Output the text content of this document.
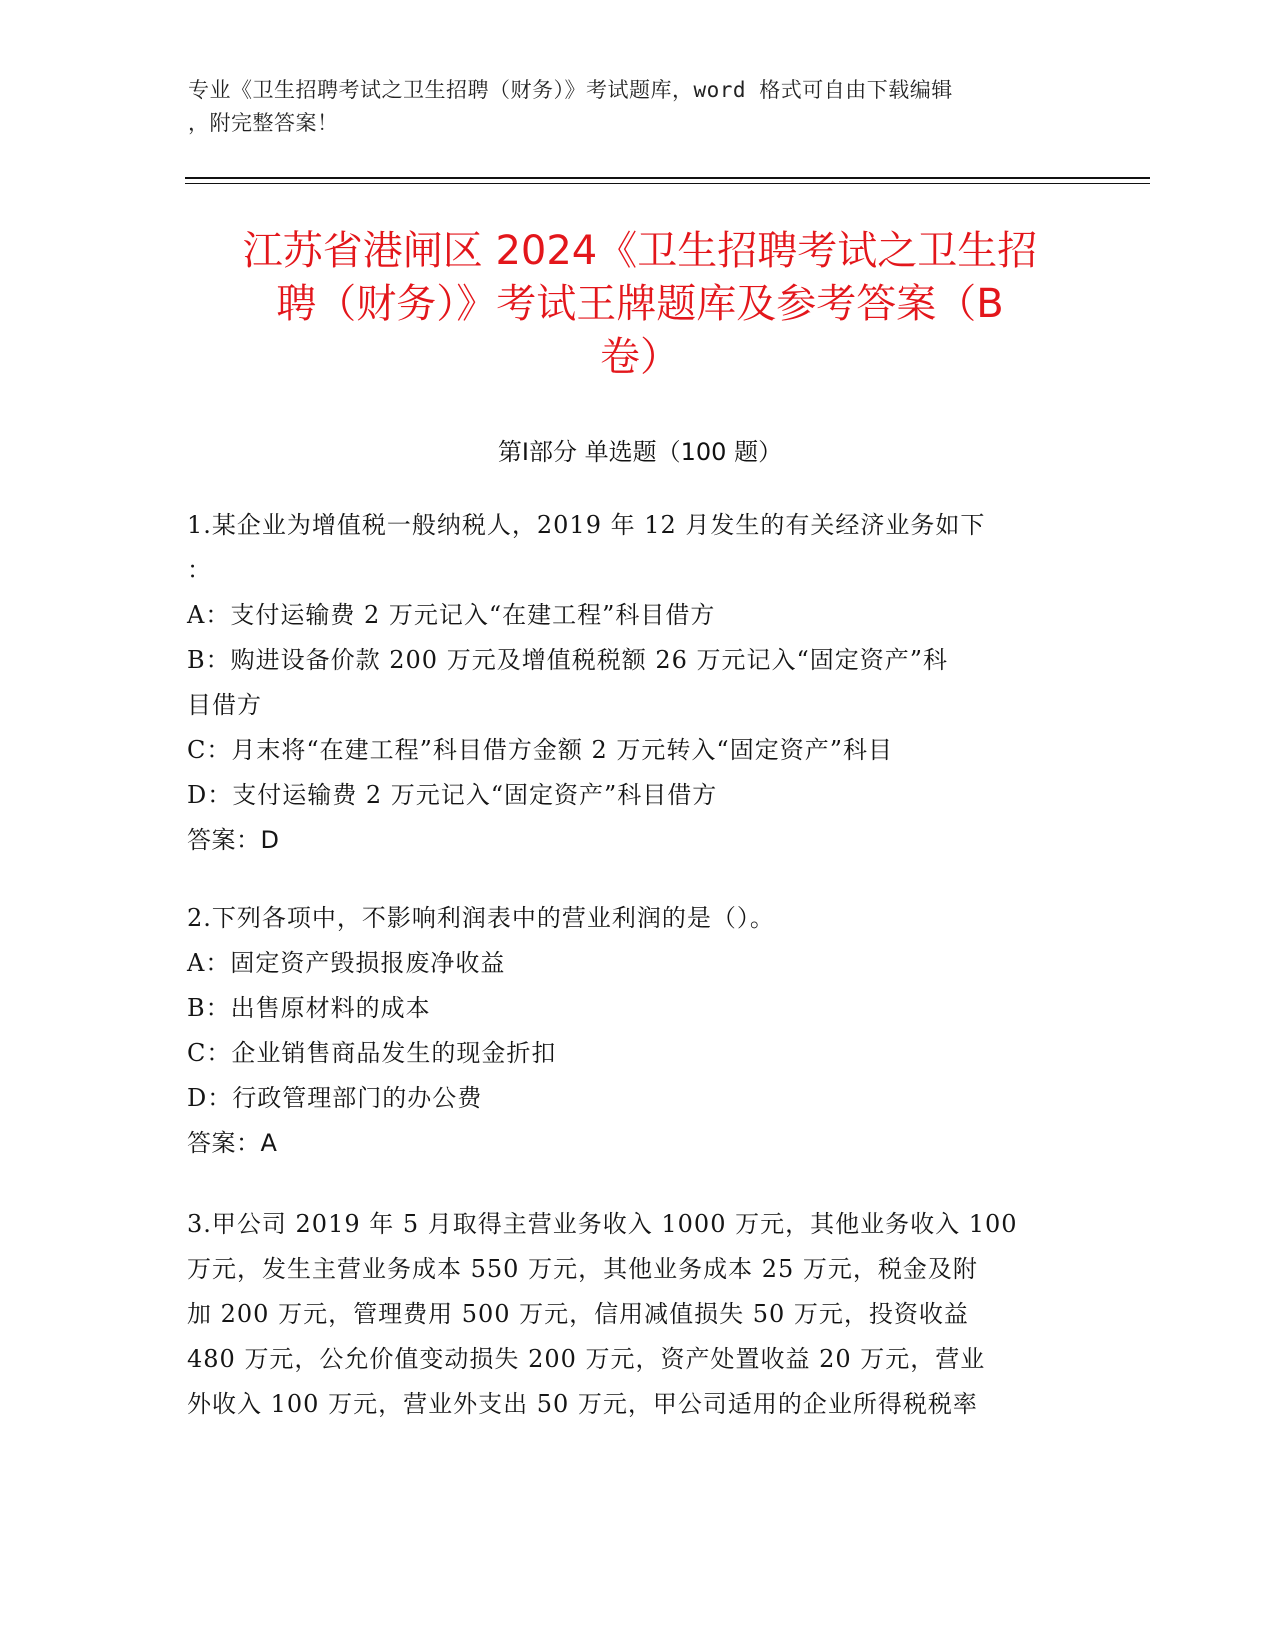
专业《卫生招聘考试之卫生招聘（财务）》考试题库，word 格式可自由下载编辑
，附完整答案！
江苏省港闸区 2024《卫生招聘考试之卫生招
聘（财务）》考试王牌题库及参考答案（B
卷）
第Ⅰ部分 单选题（100 题）
1.某企业为增值税一般纳税人，2019 年 12 月发生的有关经济业务如下
：
A：支付运输费 2 万元记入“在建工程”科目借方
B：购进设备价款 200 万元及增值税税额 26 万元记入“固定资产”科
目借方
C：月末将“在建工程”科目借方金额 2 万元转入“固定资产”科目
D：支付运输费 2 万元记入“固定资产”科目借方
答案：D
2.下列各项中，不影响利润表中的营业利润的是（）。
A：固定资产毁损报废净收益
B：出售原材料的成本
C：企业销售商品发生的现金折扣
D：行政管理部门的办公费
答案：A
3.甲公司 2019 年 5 月取得主营业务收入 1000 万元，其他业务收入 100
万元，发生主营业务成本 550 万元，其他业务成本 25 万元，税金及附
加 200 万元，管理费用 500 万元，信用减值损失 50 万元，投资收益
480 万元，公允价值变动损失 200 万元，资产处置收益 20 万元，营业
外收入 100 万元，营业外支出 50 万元，甲公司适用的企业所得税税率
